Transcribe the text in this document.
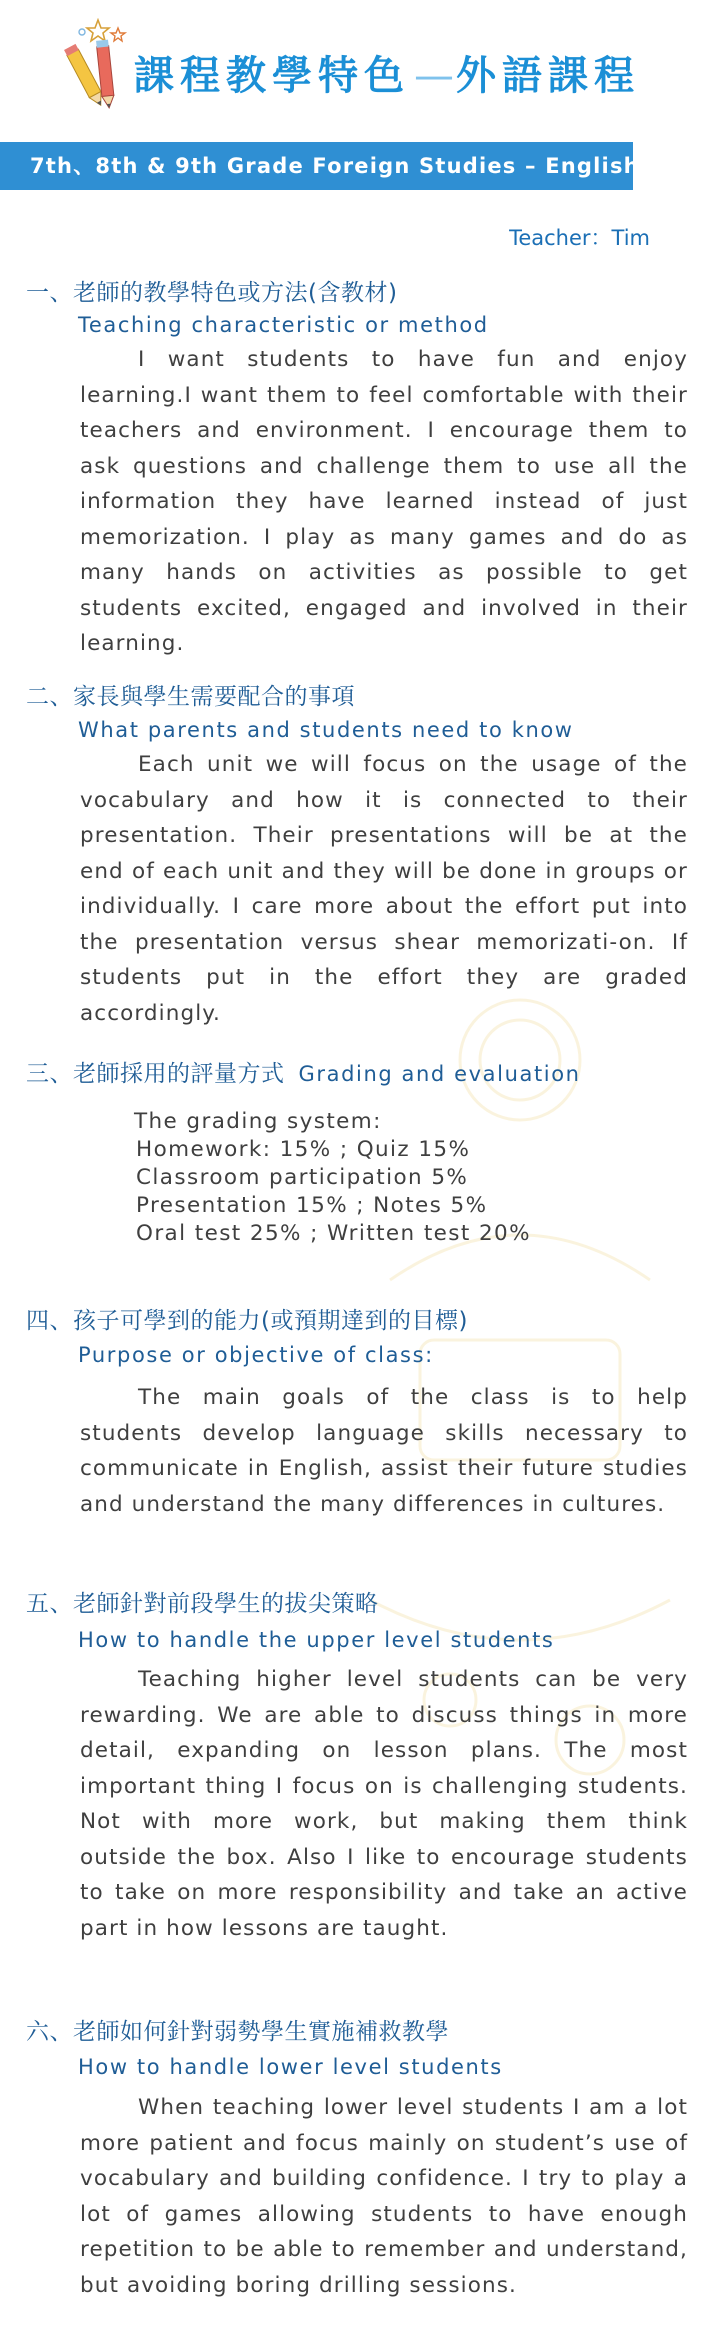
課程教學特色 — 外語課程
7th、8th & 9th Grade Foreign Studies – English
Teacher：Tim
一、老師的教學特色或方法(含教材)
Teaching characteristic or method

I want students to have fun and enjoy learning.I want them to feel comfortable with their teachers and environment. I encourage them to ask questions and challenge them to use all the information they have learned instead of just memorization. I play as many games and do as many hands on activities as possible to get students excited, engaged and involved in their learning.

二、家長與學生需要配合的事項
What parents and students need to know

Each unit we will focus on the usage of the vocabulary and how it is connected to their presentation. Their presentations will be at the end of each unit and they will be done in groups or individually. I care more about the effort put into the presentation versus shear memorizati-on. If students put in the effort they are graded accordingly.

三、老師採用的評量方式 Grading and evaluation
The grading system:
Homework: 15% ; Quiz 15%
Classroom participation 5%
Presentation 15% ; Notes 5%
Oral test 25% ; Written test 20%
四、孩子可學到的能力(或預期達到的目標)
Purpose or objective of class:

The main goals of the class is to help students develop language skills necessary to communicate in English, assist their future studies and understand the many differences in cultures.

五、老師針對前段學生的拔尖策略
How to handle the upper level students

Teaching higher level students can be very rewarding. We are able to discuss things in more detail, expanding on lesson plans. The most important thing I focus on is challenging students. Not with more work, but making them think outside the box. Also I like to encourage students to take on more responsibility and take an active part in how lessons are taught.

六、老師如何針對弱勢學生實施補救教學
How to handle lower level students

When teaching lower level students I am a lot more patient and focus mainly on student’s use of vocabulary and building confidence. I try to play a lot of games allowing students to have enough repetition to be able to remember and understand, but avoiding boring drilling sessions.
